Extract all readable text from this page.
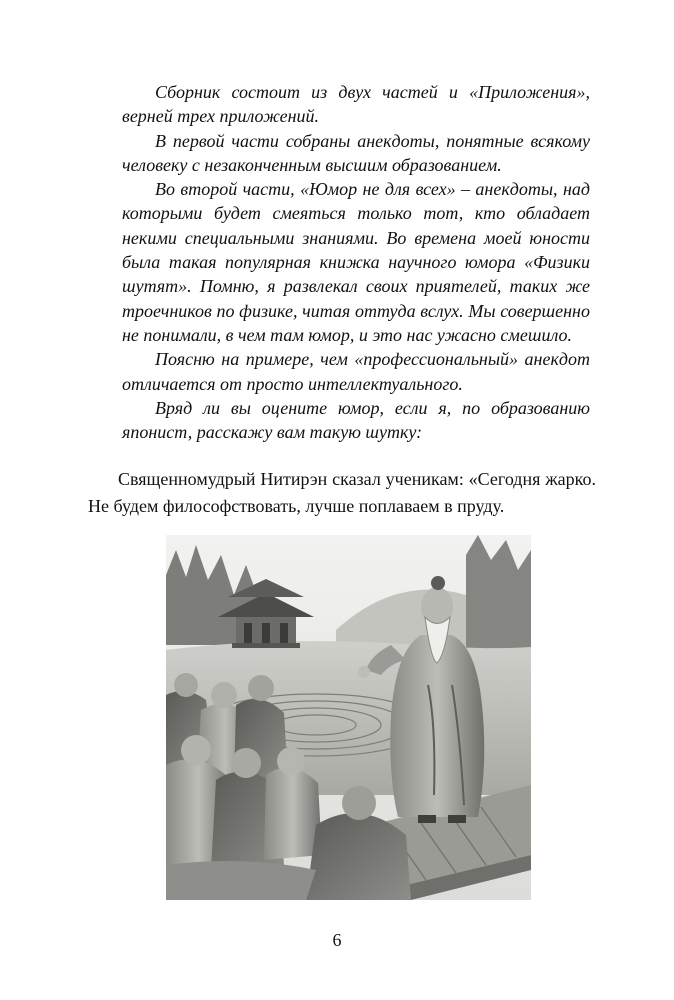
Сборник состоит из двух частей и «Приложения», верней трех приложений.

В первой части собраны анекдоты, понятные всякому человеку с незаконченным высшим образованием.

Во второй части, «Юмор не для всех» – анекдоты, над которыми будет смеяться только тот, кто обладает некими специальными знаниями. Во времена моей юности была такая популярная книжка научного юмора «Физики шутят». Помню, я развлекал своих приятелей, таких же троечников по физике, читая оттуда вслух. Мы совершенно не понимали, в чем там юмор, и это нас ужасно смешило.

Поясню на примере, чем «профессиональный» анекдот отличается от просто интеллектуального.

Вряд ли вы оцените юмор, если я, по образованию японист, расскажу вам такую шутку:

Священномудрый Нитирэн сказал ученикам: «Сегодня жарко. Не будем философствовать, лучше поплаваем в пруду.

6
